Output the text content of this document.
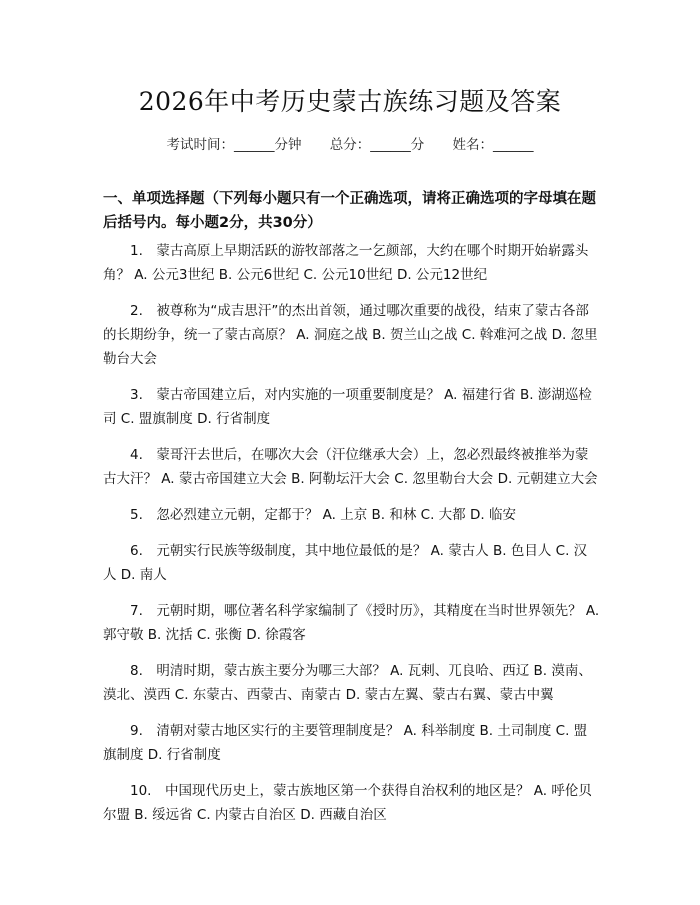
2026年中考历史蒙古族练习题及答案
考试时间：______分钟 总分：______分 姓名：______
一、单项选择题（下列每小题只有一个正确选项，请将正确选项的字母填在题后括号内。每小题2分，共30分）

1.　蒙古高原上早期活跃的游牧部落之一乞颜部，大约在哪个时期开始崭露头角？ A. 公元3世纪 B. 公元6世纪 C. 公元10世纪 D. 公元12世纪

2.　被尊称为“成吉思汗”的杰出首领，通过哪次重要的战役，结束了蒙古各部的长期纷争，统一了蒙古高原？ A. 洞庭之战 B. 贺兰山之战 C. 斡难河之战 D. 忽里勒台大会

3.　蒙古帝国建立后，对内实施的一项重要制度是？ A. 福建行省 B. 澎湖巡检司 C. 盟旗制度 D. 行省制度

4.　蒙哥汗去世后，在哪次大会（汗位继承大会）上，忽必烈最终被推举为蒙古大汗？ A. 蒙古帝国建立大会 B. 阿勒坛汗大会 C. 忽里勒台大会 D. 元朝建立大会

5.　忽必烈建立元朝，定都于？ A. 上京 B. 和林 C. 大都 D. 临安

6.　元朝实行民族等级制度，其中地位最低的是？ A. 蒙古人 B. 色目人 C. 汉人 D. 南人

7.　元朝时期，哪位著名科学家编制了《授时历》，其精度在当时世界领先？ A. 郭守敬 B. 沈括 C. 张衡 D. 徐霞客

8.　明清时期，蒙古族主要分为哪三大部？ A. 瓦剌、兀良哈、西辽 B. 漠南、漠北、漠西 C. 东蒙古、西蒙古、南蒙古 D. 蒙古左翼、蒙古右翼、蒙古中翼

9.　清朝对蒙古地区实行的主要管理制度是？ A. 科举制度 B. 土司制度 C. 盟旗制度 D. 行省制度

10.　中国现代历史上，蒙古族地区第一个获得自治权利的地区是？ A. 呼伦贝尔盟 B. 绥远省 C. 内蒙古自治区 D. 西藏自治区
